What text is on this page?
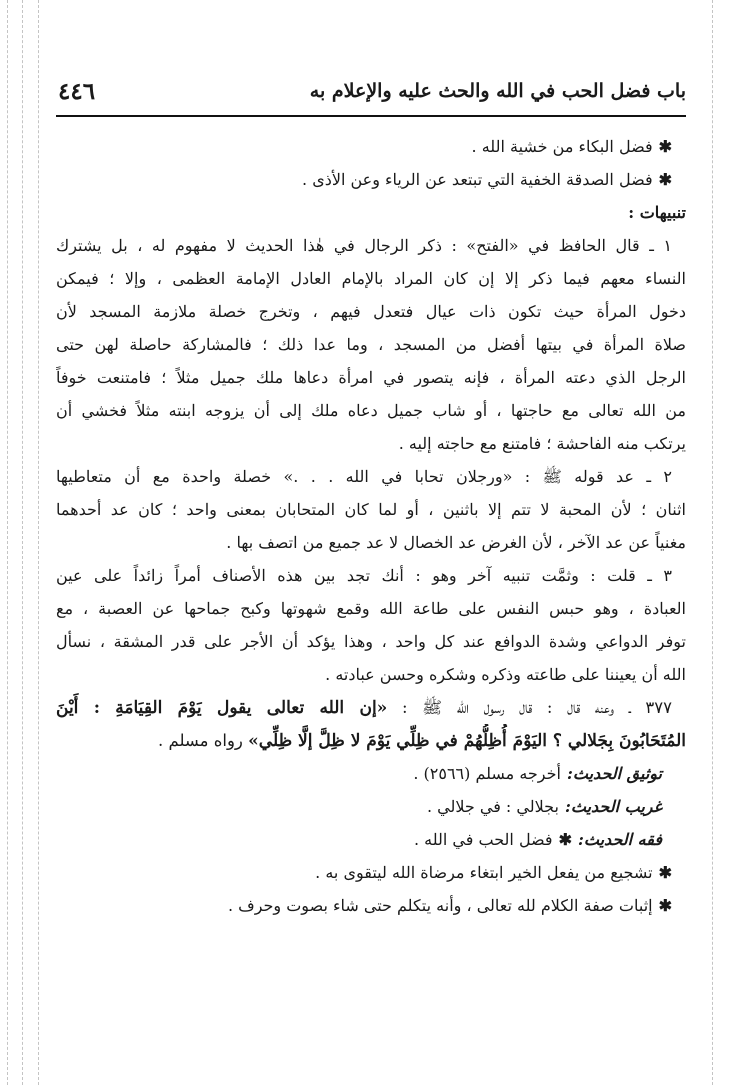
باب فضل الحب في الله والحث عليه والإعلام به
٤٤٦
✱فضل البكاء من خشية الله .
✱فضل الصدقة الخفية التي تبتعد عن الرياء وعن الأذى .
تنبيهات :
١ ـ قال الحافظ في «الفتح» : ذكر الرجال في هٰذا الحديث لا مفهوم له ، بل يشترك
النساء معهم فيما ذكر إلا إن كان المراد بالإمام العادل الإمامة العظمى ، وإلا ؛ فيمكن
دخول المرأة حيث تكون ذات عيال فتعدل فيهم ، وتخرج خصلة ملازمة المسجد لأن
صلاة المرأة في بيتها أفضل من المسجد ، وما عدا ذلك ؛ فالمشاركة حاصلة لهن حتى
الرجل الذي دعته المرأة ، فإنه يتصور في امرأة دعاها ملك جميل مثلاً ؛ فامتنعت خوفاً
من الله تعالى مع حاجتها ، أو شاب جميل دعاه ملك إلى أن يزوجه ابنته مثلاً فخشي أن
يرتكب منه الفاحشة ؛ فامتنع مع حاجته إليه .
٢ ـ عد قوله ﷺ : «ورجلان تحابا في الله . . .» خصلة واحدة مع أن متعاطيها
اثنان ؛ لأن المحبة لا تتم إلا باثنين ، أو لما كان المتحابان بمعنى واحد ؛ كان عد أحدهما
مغنياً عن عد الآخر ، لأن الغرض عد الخصال لا عد جميع من اتصف بها .
٣ ـ قلت : وثمَّت تنبيه آخر وهو : أنك تجد بين هذه الأصناف أمراً زائداً على عين
العبادة ، وهو حبس النفس على طاعة الله وقمع شهوتها وكبح جماحها عن العصبة ، مع
توفر الدواعي وشدة الدوافع عند كل واحد ، وهذا يؤكد أن الأجر على قدر المشقة ، نسأل
الله أن يعيننا على طاعته وذكره وشكره وحسن عبادته .
٣٧٧ ـ وعنه قال : قال رسول الله ﷺ : «إن الله تعالى يقول يَوْمَ القِيَامَةِ : أَيْنَ
المُتَحَابُونَ بِجَلالي ؟ اليَوْمَ أُظِلُّهُمْ في ظِلِّي يَوْمَ لا ظِلَّ إلَّا ظِلِّي» رواه مسلم .
توثيق الحديث:أخرجه مسلم (٢٥٦٦) .
غريب الحديث:بجلالي : في جلالي .
فقه الحديث:✱فضل الحب في الله .
✱تشجيع من يفعل الخير ابتغاء مرضاة الله ليتقوى به .
✱إثبات صفة الكلام لله تعالى ، وأنه يتكلم حتى شاء بصوت وحرف .
